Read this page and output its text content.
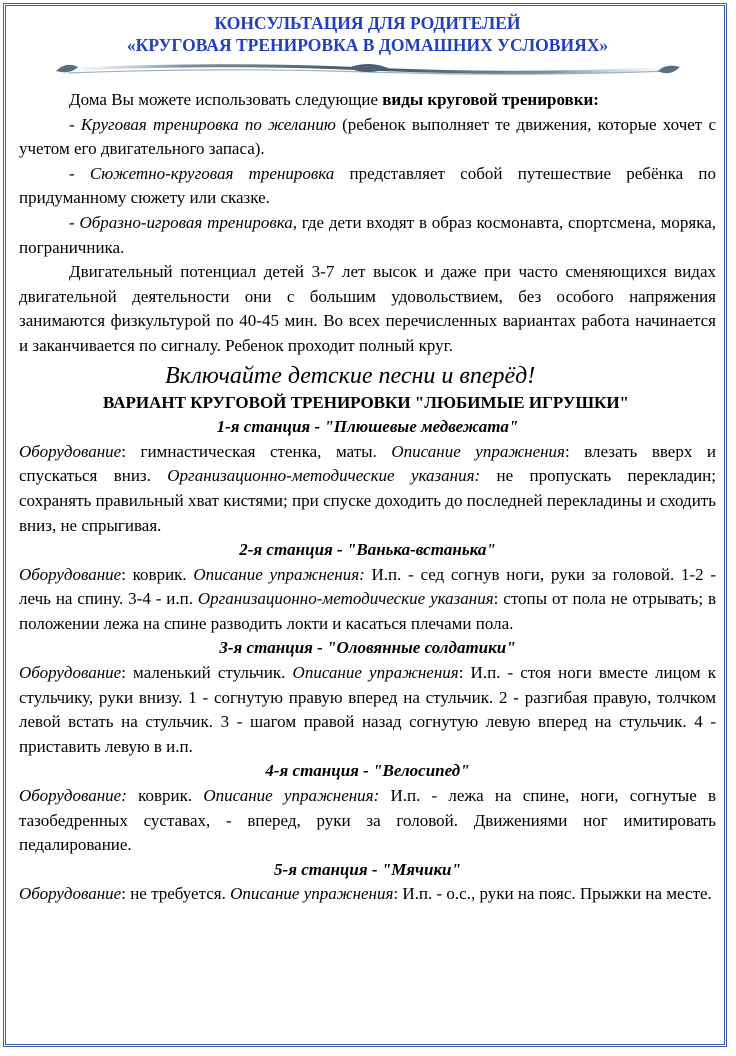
КОНСУЛЬТАЦИЯ ДЛЯ РОДИТЕЛЕЙ
«КРУГОВАЯ ТРЕНИРОВКА В ДОМАШНИХ УСЛОВИЯХ»

Дома Вы можете использовать следующие виды круговой тренировки:

- Круговая тренировка по желанию (ребенок выполняет те движения, которые хочет с учетом его двигательного запаса).

- Сюжетно-круговая тренировка представляет собой путешествие ребёнка по придуманному сюжету или сказке.

- Образно-игровая тренировка, где дети входят в образ космонавта, спортсмена, моряка, пограничника.

Двигательный потенциал детей 3-7 лет высок и даже при часто сменяющихся видах двигательной деятельности они с большим удовольствием, без особого напряжения занимаются физкультурой по 40-45 мин. Во всех перечисленных вариантах работа начинается и заканчивается по сигналу. Ребенок проходит полный круг.

Включайте детские песни и вперёд!

ВАРИАНТ КРУГОВОЙ ТРЕНИРОВКИ "ЛЮБИМЫЕ ИГРУШКИ"

1-я станция - "Плюшевые медвежата"

Оборудование: гимнастическая стенка, маты. Описание упражнения: влезать вверх и спускаться вниз. Организационно-методические указания: не пропускать перекладин; сохранять правильный хват кистями; при спуске доходить до последней перекладины и сходить вниз, не спрыгивая.

2-я станция - "Ванька-встанька"

Оборудование: коврик. Описание упражнения: И.п. - сед согнув ноги, руки за головой. 1-2 - лечь на спину. 3-4 - и.п. Организационно-методические указания: стопы от пола не отрывать; в положении лежа на спине разводить локти и касаться плечами пола.

3-я станция - "Оловянные солдатики"

Оборудование: маленький стульчик. Описание упражнения: И.п. - стоя ноги вместе лицом к стульчику, руки внизу. 1 - согнутую правую вперед на стульчик. 2 - разгибая правую, толчком левой встать на стульчик. 3 - шагом правой назад согнутую левую вперед на стульчик. 4 - приставить левую в и.п.

4-я станция - "Велосипед"

Оборудование: коврик. Описание упражнения: И.п. - лежа на спине, ноги, согнутые в тазобедренных суставах, - вперед, руки за головой. Движениями ног имитировать педалирование.

5-я станция - "Мячики"

Оборудование: не требуется. Описание упражнения: И.п. - о.с., руки на пояс. Прыжки на месте.
